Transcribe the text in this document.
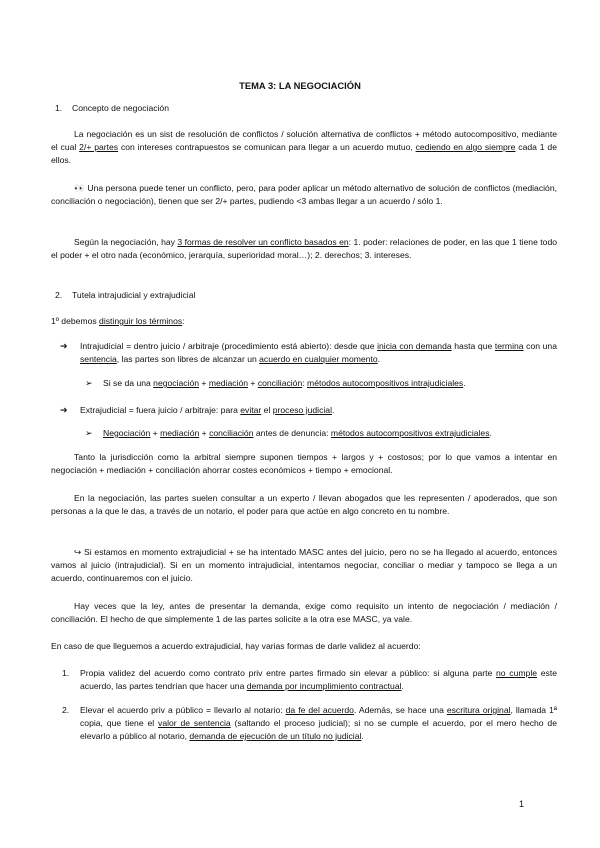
TEMA 3: LA NEGOCIACIÓN
1. Concepto de negociación
La negociación es un sist de resolución de conflictos / solución alternativa de conflictos + método autocompositivo, mediante el cual 2/+ partes con intereses contrapuestos se comunican para llegar a un acuerdo mutuo, cediendo en algo siempre cada 1 de ellos.
👀 Una persona puede tener un conflicto, pero, para poder aplicar un método alternativo de solución de conflictos (mediación, conciliación o negociación), tienen que ser 2/+ partes, pudiendo <3 ambas llegar a un acuerdo / sólo 1.
Según la negociación, hay 3 formas de resolver un conflicto basados en: 1. poder: relaciones de poder, en las que 1 tiene todo el poder + el otro nada (económico, jerarquía, superioridad moral…); 2. derechos; 3. intereses.
2. Tutela intrajudicial y extrajudicial
1º debemos distinguir los términos:
➔ Intrajudicial = dentro juicio / arbitraje (procedimiento está abierto): desde que inicia con demanda hasta que termina con una sentencia, las partes son libres de alcanzar un acuerdo en cualquier momento.
➢ Si se da una negociación + mediación + conciliación: métodos autocompositivos intrajudiciales.
➔ Extrajudicial = fuera juicio / arbitraje: para evitar el proceso judicial.
➢ Negociación + mediación + conciliación antes de denuncia: métodos autocompositivos extrajudiciales.
Tanto la jurisdicción como la arbitral siempre suponen tiempos + largos y + costosos; por lo que vamos a intentar en negociación + mediación + conciliación ahorrar costes económicos + tiempo + emocional.
En la negociación, las partes suelen consultar a un experto / llevan abogados que les representen / apoderados, que son personas a la que le das, a través de un notario, el poder para que actúe en algo concreto en tu nombre.
↪ Si estamos en momento extrajudicial + se ha intentado MASC antes del juicio, pero no se ha llegado al acuerdo, entonces vamos al juicio (intrajudicial). Si en un momento intrajudicial, intentamos negociar, conciliar o mediar y tampoco se llega a un acuerdo, continuaremos con el juicio.
Hay veces que la ley, antes de presentar la demanda, exige como requisito un intento de negociación / mediación / conciliación. El hecho de que simplemente 1 de las partes solicite a la otra ese MASC, ya vale.
En caso de que lleguemos a acuerdo extrajudicial, hay varias formas de darle validez al acuerdo:
1. Propia validez del acuerdo como contrato priv entre partes firmado sin elevar a público: si alguna parte no cumple este acuerdo, las partes tendrían que hacer una demanda por incumplimiento contractual.
2. Elevar el acuerdo priv a público = llevarlo al notario: da fe del acuerdo. Además, se hace una escritura original, llamada 1ª copia, que tiene el valor de sentencia (saltando el proceso judicial); si no se cumple el acuerdo, por el mero hecho de elevarlo a público al notario, demanda de ejecución de un título no judicial.
1
